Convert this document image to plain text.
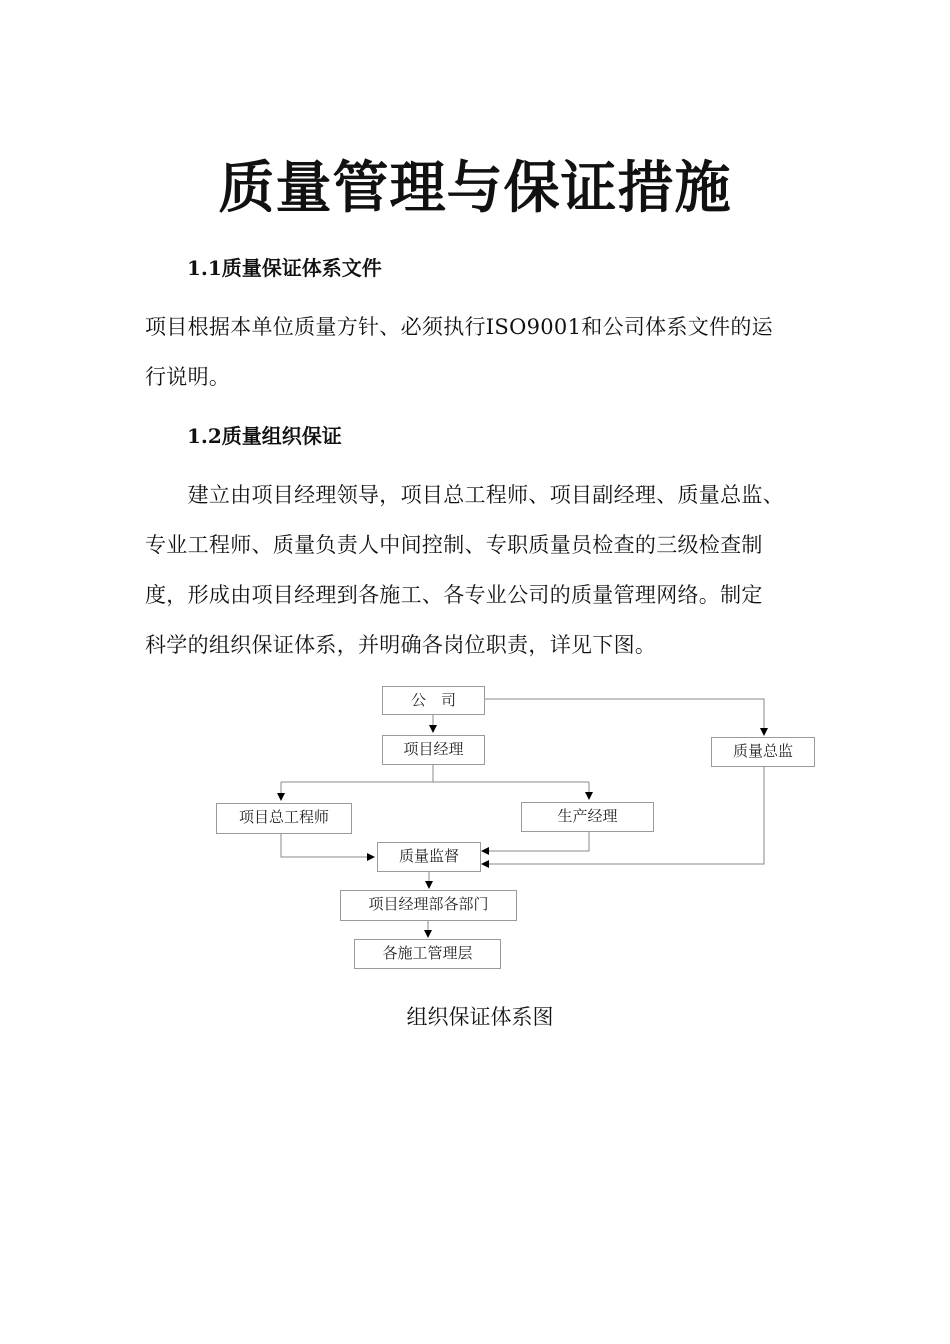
质量管理与保证措施
1.1质量保证体系文件

项目根据本单位质量方针、必须执行ISO9001和公司体系文件的运

行说明。

1.2质量组织保证

　　建立由项目经理领导，项目总工程师、项目副经理、质量总监、

专业工程师、质量负责人中间控制、专职质量员检查的三级检查制

度，形成由项目经理到各施工、各专业公司的质量管理网络。制定

科学的组织保证体系，并明确各岗位职责，详见下图。

公　司
项目经理	质量总监
项目总工程师	生产经理
质量监督
项目经理部各部门
各施工管理层
组织保证体系图
